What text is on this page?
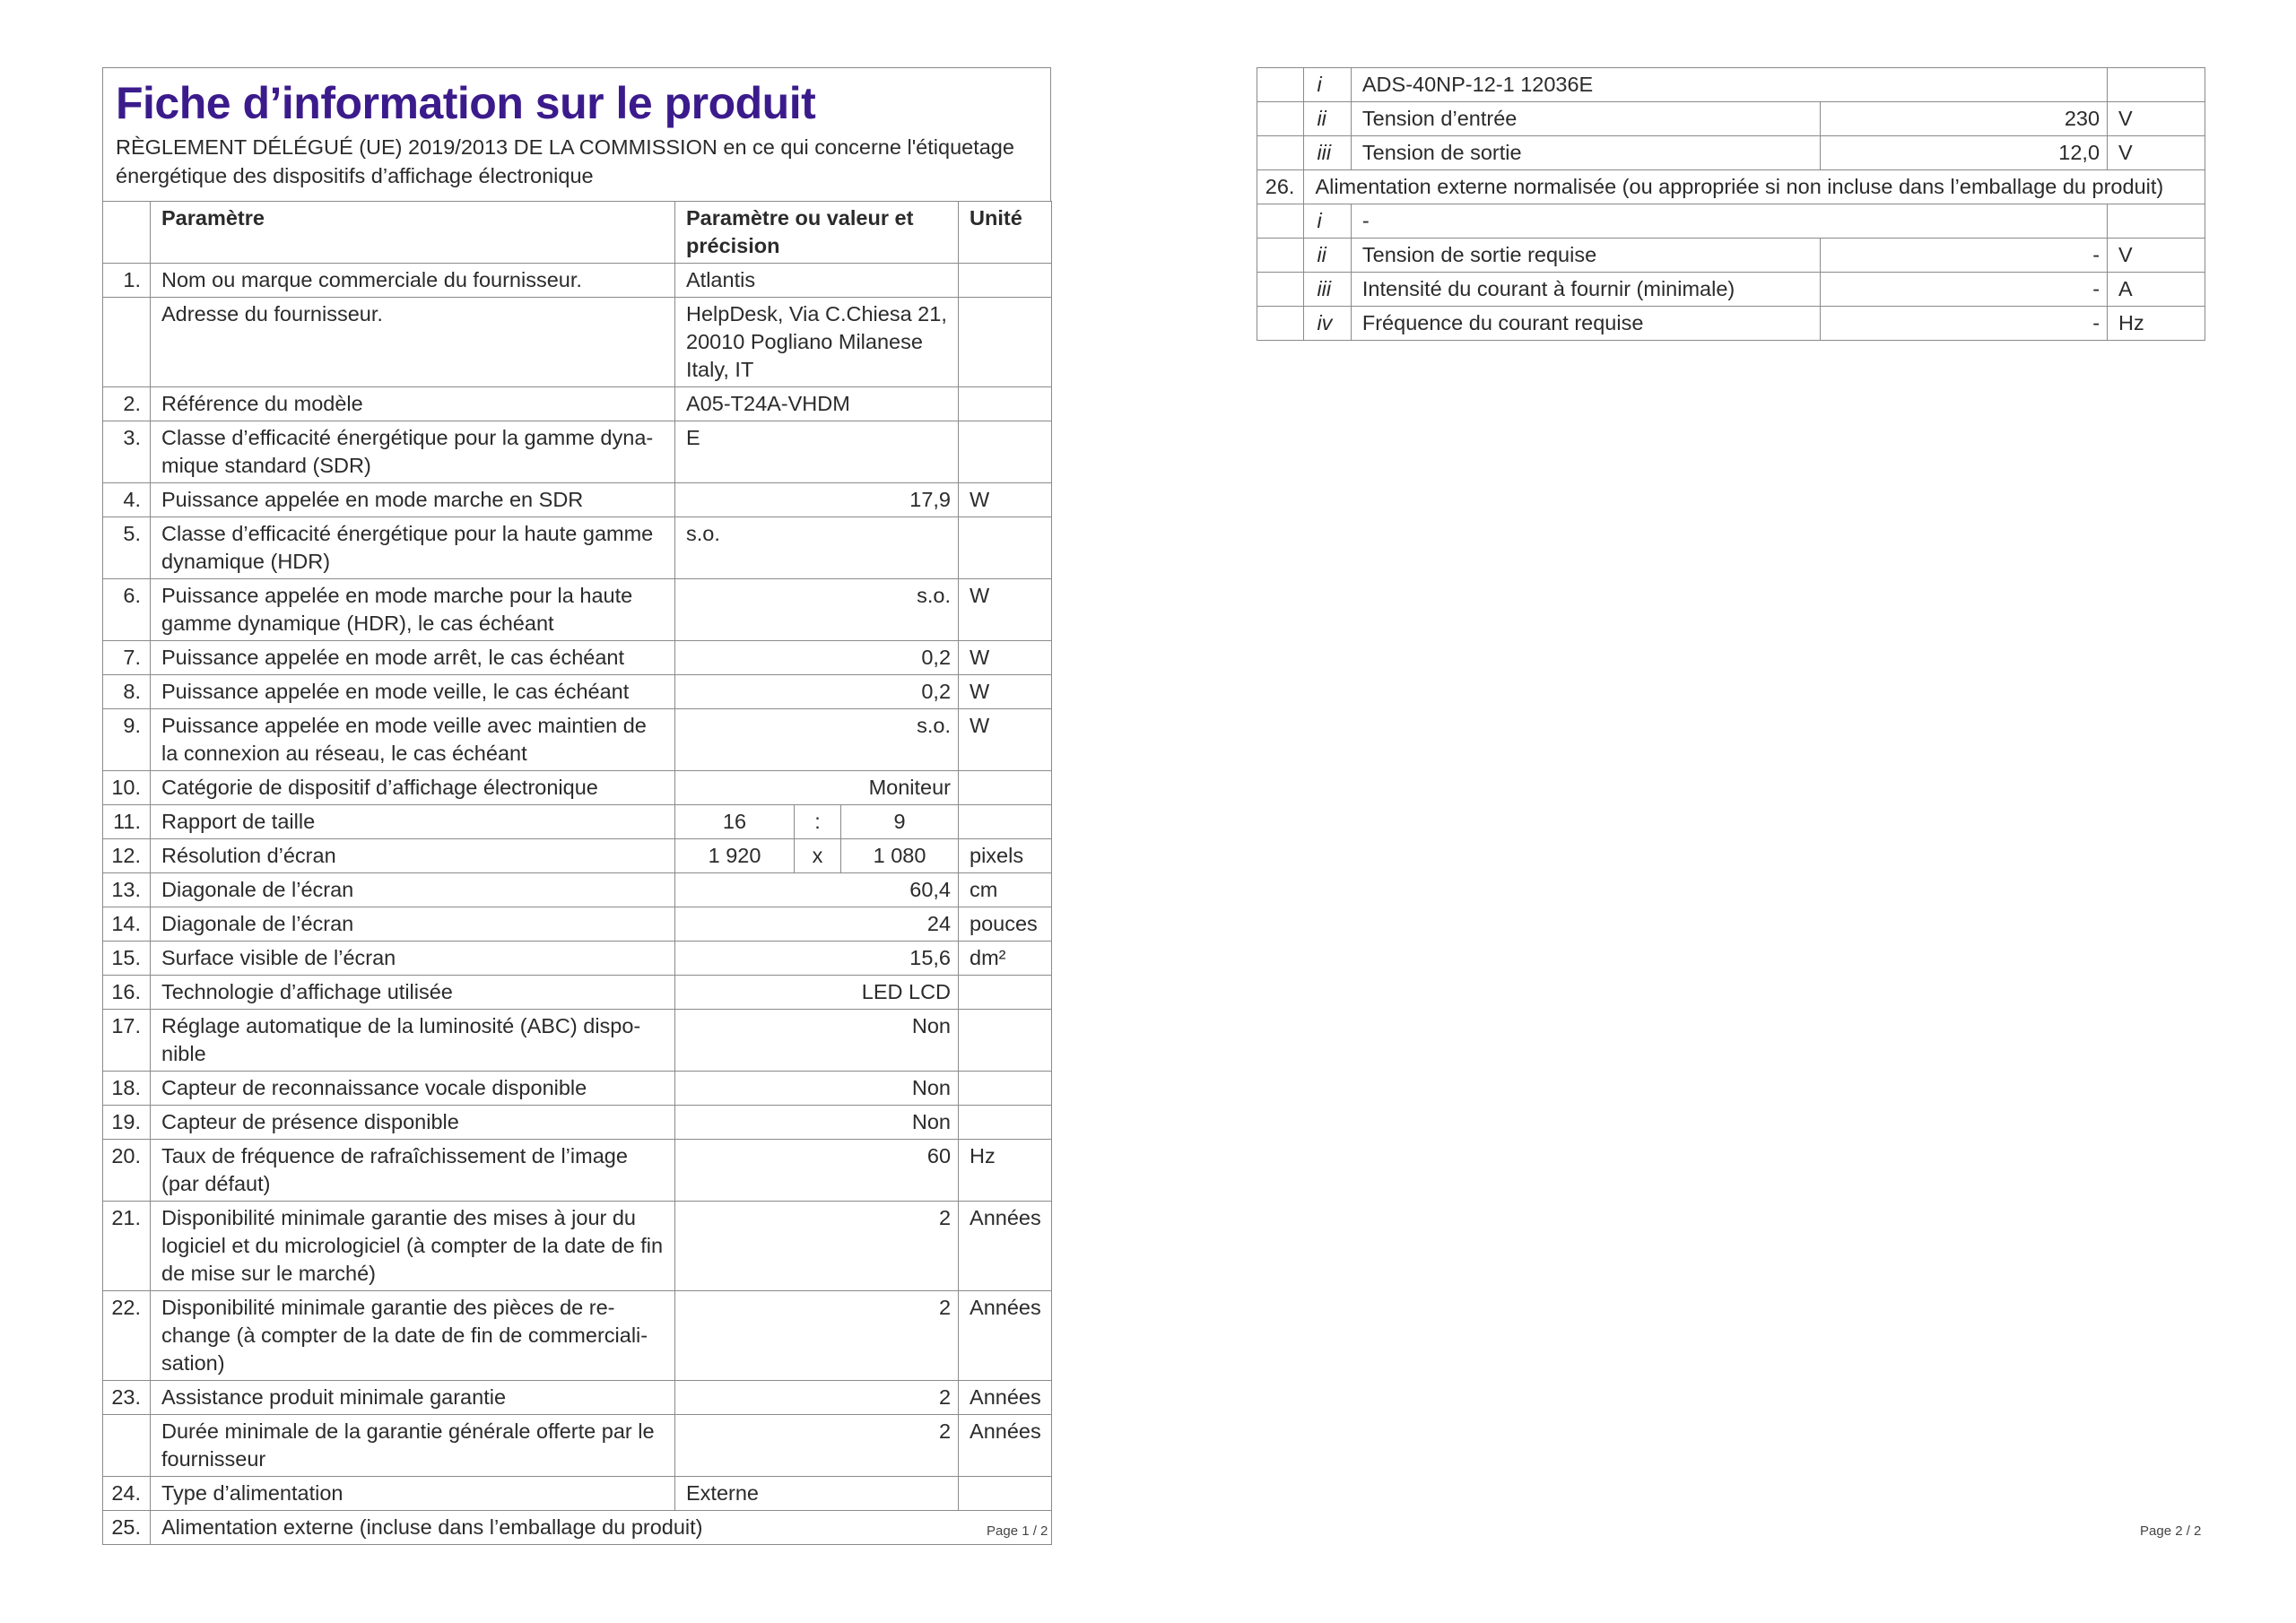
Fiche d’information sur le produit
RÈGLEMENT DÉLÉGUÉ (UE) 2019/2013 DE LA COMMISSION en ce qui concerne l'étiquetage
énergétique des dispositifs d’affichage électronique
	Paramètre	Paramètre ou valeur et précision			Unité
1.	Nom ou marque commerciale du fournisseur.	Atlantis			
	Adresse du fournisseur.	HelpDesk, Via C.Chiesa 21, 20010 Pogliano Milanese Italy, IT			
2.	Référence du modèle	A05-T24A-VHDM			
3.	Classe d’efficacité énergétique pour la gamme dyna-mique standard (SDR)	E			
4.	Puissance appelée en mode marche en SDR	17,9			W
5.	Classe d’efficacité énergétique pour la haute gamme dynamique (HDR)	s.o.			
6.	Puissance appelée en mode marche pour la haute gamme dynamique (HDR), le cas échéant	s.o.			W
7.	Puissance appelée en mode arrêt, le cas échéant	0,2			W
8.	Puissance appelée en mode veille, le cas échéant	0,2			W
9.	Puissance appelée en mode veille avec maintien de la connexion au réseau, le cas échéant	s.o.			W
10.	Catégorie de dispositif d’affichage électronique	Moniteur			
11.	Rapport de taille	16	:	9	
12.	Résolution d’écran	1 920	x	1 080	pixels
13.	Diagonale de l’écran	60,4			cm
14.	Diagonale de l’écran	24			pouces
15.	Surface visible de l’écran	15,6			dm²
16.	Technologie d’affichage utilisée	LED LCD			
17.	Réglage automatique de la luminosité (ABC) dispo-nible	Non			
18.	Capteur de reconnaissance vocale disponible	Non			
19.	Capteur de présence disponible	Non			
20.	Taux de fréquence de rafraîchissement de l’image (par défaut)	60			Hz
21.	Disponibilité minimale garantie des mises à jour du logiciel et du micrologiciel (à compter de la date de fin de mise sur le marché)	2			Années
22.	Disponibilité minimale garantie des pièces de re-change (à compter de la date de fin de commerciali-sation)	2			Années
23.	Assistance produit minimale garantie	2			Années
	Durée minimale de la garantie générale offerte par le fournisseur	2			Années
24.	Type d’alimentation	Externe			
25.	Alimentation externe (incluse dans l’emballage du produit)				
	i	ADS-40NP-12-1 12036E		
	ii	Tension d’entrée	230	V
	iii	Tension de sortie	12,0	V
26.	Alimentation externe normalisée (ou appropriée si non incluse dans l’emballage du produit)			
	i	-		
	ii	Tension de sortie requise	-	V
	iii	Intensité du courant à fournir (minimale)	-	A
	iv	Fréquence du courant requise	-	Hz
Page 1 / 2	Page 2 / 2
